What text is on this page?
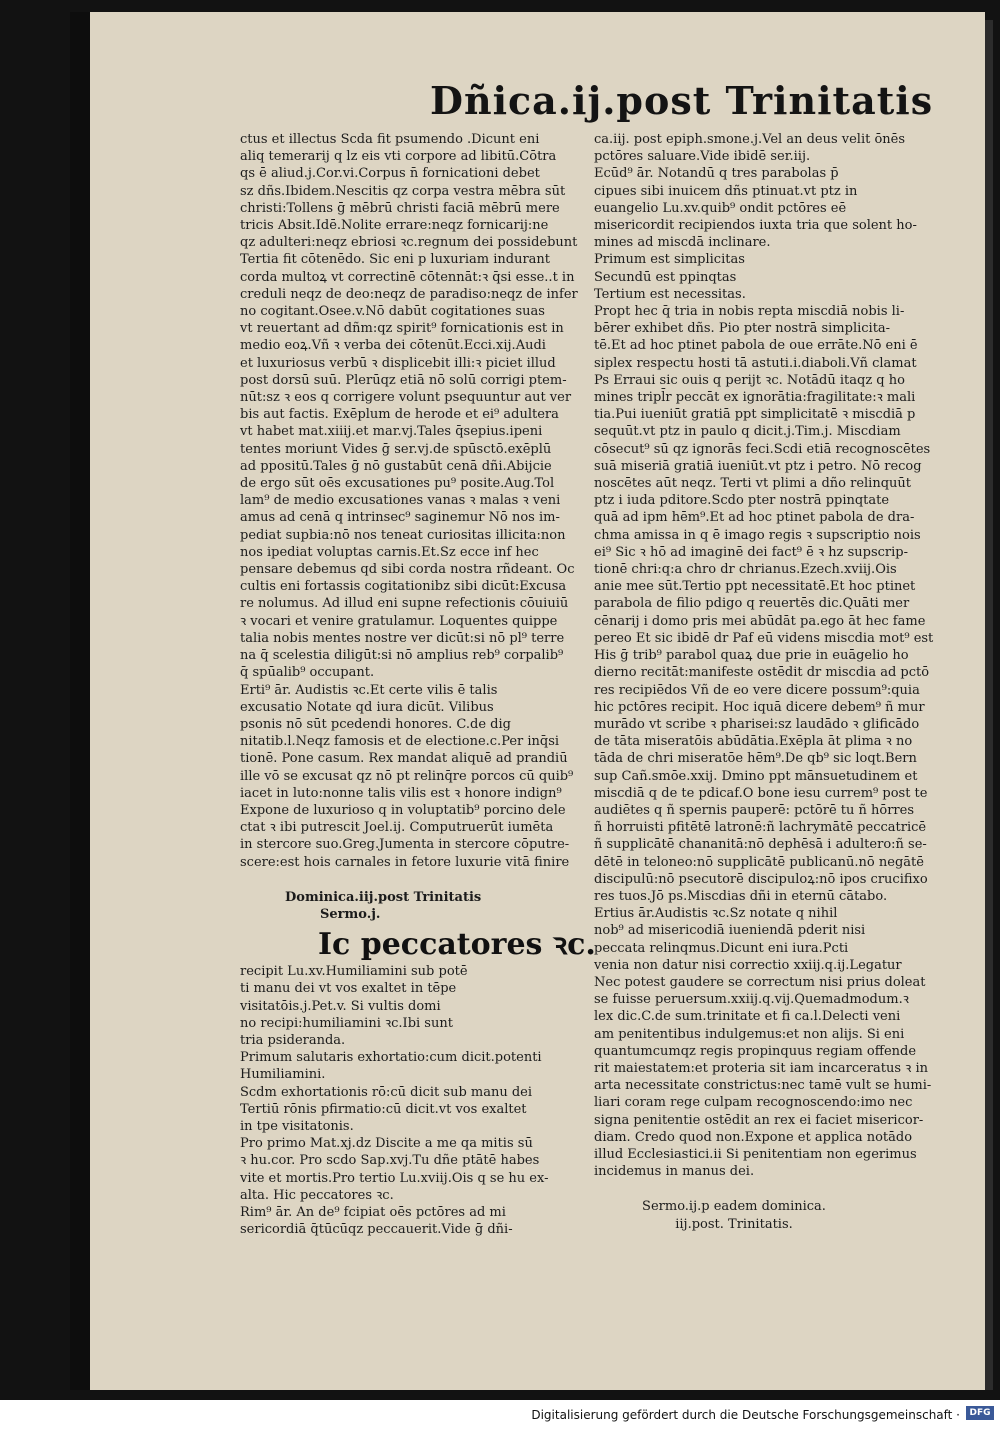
Dñica.ij.post Trinitatis

ctus et illectus Scda fit psumendo .Dicunt eni

aliq temerarij q lz eis vti corpore ad libitū.Cōtra

qs ē aliud.j.Cor.vi.Corpus n̄ fornicationi debet

sz dñs.Ibidem.Nescitis qz corpa vestra mēbra sūt

christi:Tollens ḡ mēbrū christi faciā mēbrū mere

tricis Absit.Idē.Nolite errare:neqz fornicarij:ne

qz adulteri:neqz ebriosi ꝛc.regnum dei possidebunt

Tertia fit cōtenēdo. Sic eni p luxuriam indurant

corda multoꝝ vt correctinē cōtennāt:ꝛ q̄si esse..t in

creduli neqz de deo:neqz de paradiso:neqz de infer

no cogitant.Osee.v.Nō dabūt cogitationes suas

vt reuertant ad dñm:qz spirit⁹ fornicationis est in

medio eoꝝ.Vñ ꝛ verba dei cōtenūt.Ecci.xij.Audi

et luxuriosus verbū ꝛ displicebit illi:ꝛ piciet illud

post dorsū suū. Plerūqz etiā nō solū corrigi ptem-

nūt:sz ꝛ eos q corrigere volunt psequuntur aut ver

bis aut factis. Exēplum de herode et ei⁹ adultera

vt habet mat.xiiij.et mar.vj.Tales q̄sepius.ipeni

tentes moriunt Vides ḡ ser.vj.de spūsctō.exēplū

ad ppositū.Tales ḡ nō gustabūt cenā dñi.Abijcie

de ergo sūt oēs excusationes pu⁹ posite.Aug.Tol

lam⁹ de medio excusationes vanas ꝛ malas ꝛ veni

amus ad cenā q intrinsec⁹ saginemur Nō nos im-

pediat supbia:nō nos teneat curiositas illicita:non

nos ipediat voluptas carnis.Et.Sz ecce inf hec

pensare debemus qd sibi corda nostra rñdeant. Oc

cultis eni fortassis cogitationibz sibi dicūt:Excusa

re nolumus. Ad illud eni supne refectionis cōuiuiū

ꝛ vocari et venire gratulamur. Loquentes quippe

talia nobis mentes nostre ver dicūt:si nō pl⁹ terre

na q̄ scelestia diligūt:si nō amplius reb⁹ corpalib⁹

q̄ spūalib⁹ occupant.

Erti⁹ ār. Audistis ꝛc.Et certe vilis ē talis

excusatio Notate qd iura dicūt. Vilibus

psonis nō sūt pcedendi honores. C.de dig

nitatib.l.Neqz famosis et de electione.c.Per inq̄si

tionē. Pone casum. Rex mandat aliquē ad prandiū

ille vō se excusat qz nō pt relinq̄re porcos cū quib⁹

iacet in luto:nonne talis vilis est ꝛ honore indign⁹

Expone de luxurioso q in voluptatib⁹ porcino dele

ctat ꝛ ibi putrescit Joel.ij. Computruerūt iumēta

in stercore suo.Greg.Jumenta in stercore cōputre-

scere:est hois carnales in fetore luxurie vitā finire

Dominica.iij.post Trinitatis

Sermo.j.

Ic peccatores ꝛc.

recipit Lu.xv.Humiliamini sub potē

ti manu dei vt vos exaltet in tēpe

visitatōis.j.Pet.v. Si vultis domi

no recipi:humiliamini ꝛc.Ibi sunt

tria psideranda.

Primum salutaris exhortatio:cum dicit.potenti

Humiliamini.

Scdm exhortationis rō:cū dicit sub manu dei

Tertiū rōnis pfirmatio:cū dicit.vt vos exaltet

in tpe visitatonis.

Pro primo Mat.xj.dz Discite a me qa mitis sū

ꝛ hu.cor. Pro scdo Sap.xvj.Tu dñe ptātē habes

vite et mortis.Pro tertio Lu.xviij.Ois q se hu ex-

alta. Hic peccatores ꝛc.

Rim⁹ ār. An de⁹ fcipiat oēs pctōres ad mi

sericordiā q̄tūcūqz peccauerit.Vide ḡ dñi-

ca.iij. post epiph.smone.j.Vel an deus velit ōnēs

pctōres saluare.Vide ibidē ser.iij.

Ecūd⁹ ār. Notandū q tres parabolas p̄

cipues sibi inuicem dñs ptinuat.vt ptz in

euangelio Lu.xv.quib⁹ ondit pctōres eē

misericordit recipiendos iuxta tria que solent ho-

mines ad miscdā inclinare.

Primum est simplicitas

Secundū est ppinqtas

Tertium est necessitas.

Propt hec q̄ tria in nobis repta miscdiā nobis li-

bērer exhibet dñs. Pio pter nostrā simplicita-

tē.Et ad hoc ptinet pabola de oue errāte.Nō eni ē

siplex respectu hosti tā astuti.i.diaboli.Vñ clamat

Ps Erraui sic ouis q perijt ꝛc. Notādū itaqz q ho

mines tripl̄r peccāt ex ignorātia:fragilitate:ꝛ mali

tia.Pui iueniūt gratiā ppt simplicitatē ꝛ miscdiā p

sequūt.vt ptz in paulo q dicit.j.Tim.j. Miscdiam

cōsecut⁹ sū qz ignorās feci.Scdi etiā recognoscētes

suā miseriā gratiā iueniūt.vt ptz i petro. Nō recog

noscētes aūt neqz. Terti vt plimi a dño relinquūt

ptz i iuda pditore.Scdo pter nostrā ppinqtate

quā ad ipm hēm⁹.Et ad hoc ptinet pabola de dra-

chma amissa in q ē imago regis ꝛ supscriptio nois

ei⁹ Sic ꝛ hō ad imaginē dei fact⁹ ē ꝛ hz supscrip-

tionē chri:q:a chro dr chrianus.Ezech.xviij.Ois

anie mee sūt.Tertio ppt necessitatē.Et hoc ptinet

parabola de filio pdigo q reuertēs dic.Quāti mer

cēnarij i domo pris mei abūdāt pa.ego āt hec fame

pereo Et sic ibidē dr Paf eū videns miscdia mot⁹ est

His ḡ trib⁹ parabol quaꝝ due prie in euāgelio ho

dierno recitāt:manifeste ostēdit dr miscdia ad pctō

res recipiēdos Vñ de eo vere dicere possum⁹:quia

hic pctōres recipit. Hoc iquā dicere debem⁹ ñ mur

murādo vt scribe ꝛ pharisei:sz laudādo ꝛ glificādo

de tāta miseratōis abūdātia.Exēpla āt plima ꝛ no

tāda de chri miseratōe hēm⁹.De qb⁹ sic loqt.Bern

sup Cañ.smōe.xxij. Dmino ppt mānsuetudinem et

miscdiā q de te pdicaf.O bone iesu currem⁹ post te

audiētes q ñ spernis pauperē: pctōrē tu ñ hōrres

ñ horruisti pfitētē latronē:ñ lachrymātē peccatricē

ñ supplicātē chananitā:nō dephēsā i adultero:ñ se-

dētē in teloneo:nō supplicātē publicanū.nō negātē

discipulū:nō psecutorē discipuloꝝ:nō ipos crucifixo

res tuos.Jō ps.Miscdias dñi in eternū cātabo.

Ertius ār.Audistis ꝛc.Sz notate q nihil

nob⁹ ad misericodiā iueniendā pderit nisi

peccata relinqmus.Dicunt eni iura.Pcti

venia non datur nisi correctio xxiij.q.ij.Legatur

Nec potest gaudere se correctum nisi prius doleat

se fuisse peruersum.xxiij.q.vij.Quemadmodum.ꝛ

lex dic.C.de sum.trinitate et fi ca.l.Delecti veni

am penitentibus indulgemus:et non alijs. Si eni

quantumcumqz regis propinquus regiam offende

rit maiestatem:et proteria sit iam incarceratus ꝛ in

arta necessitate constrictus:nec tamē vult se humi-

liari coram rege culpam recognoscendo:imo nec

signa penitentie ostēdit an rex ei faciet misericor-

diam. Credo quod non.Expone et applica notādo

illud Ecclesiastici.ii Si penitentiam non egerimus

incidemus in manus dei.

Sermo.ij.p eadem dominica.

iij.post. Trinitatis.

Digitalisierung gefördert durch die Deutsche Forschungsgemeinschaft ·	DFG
